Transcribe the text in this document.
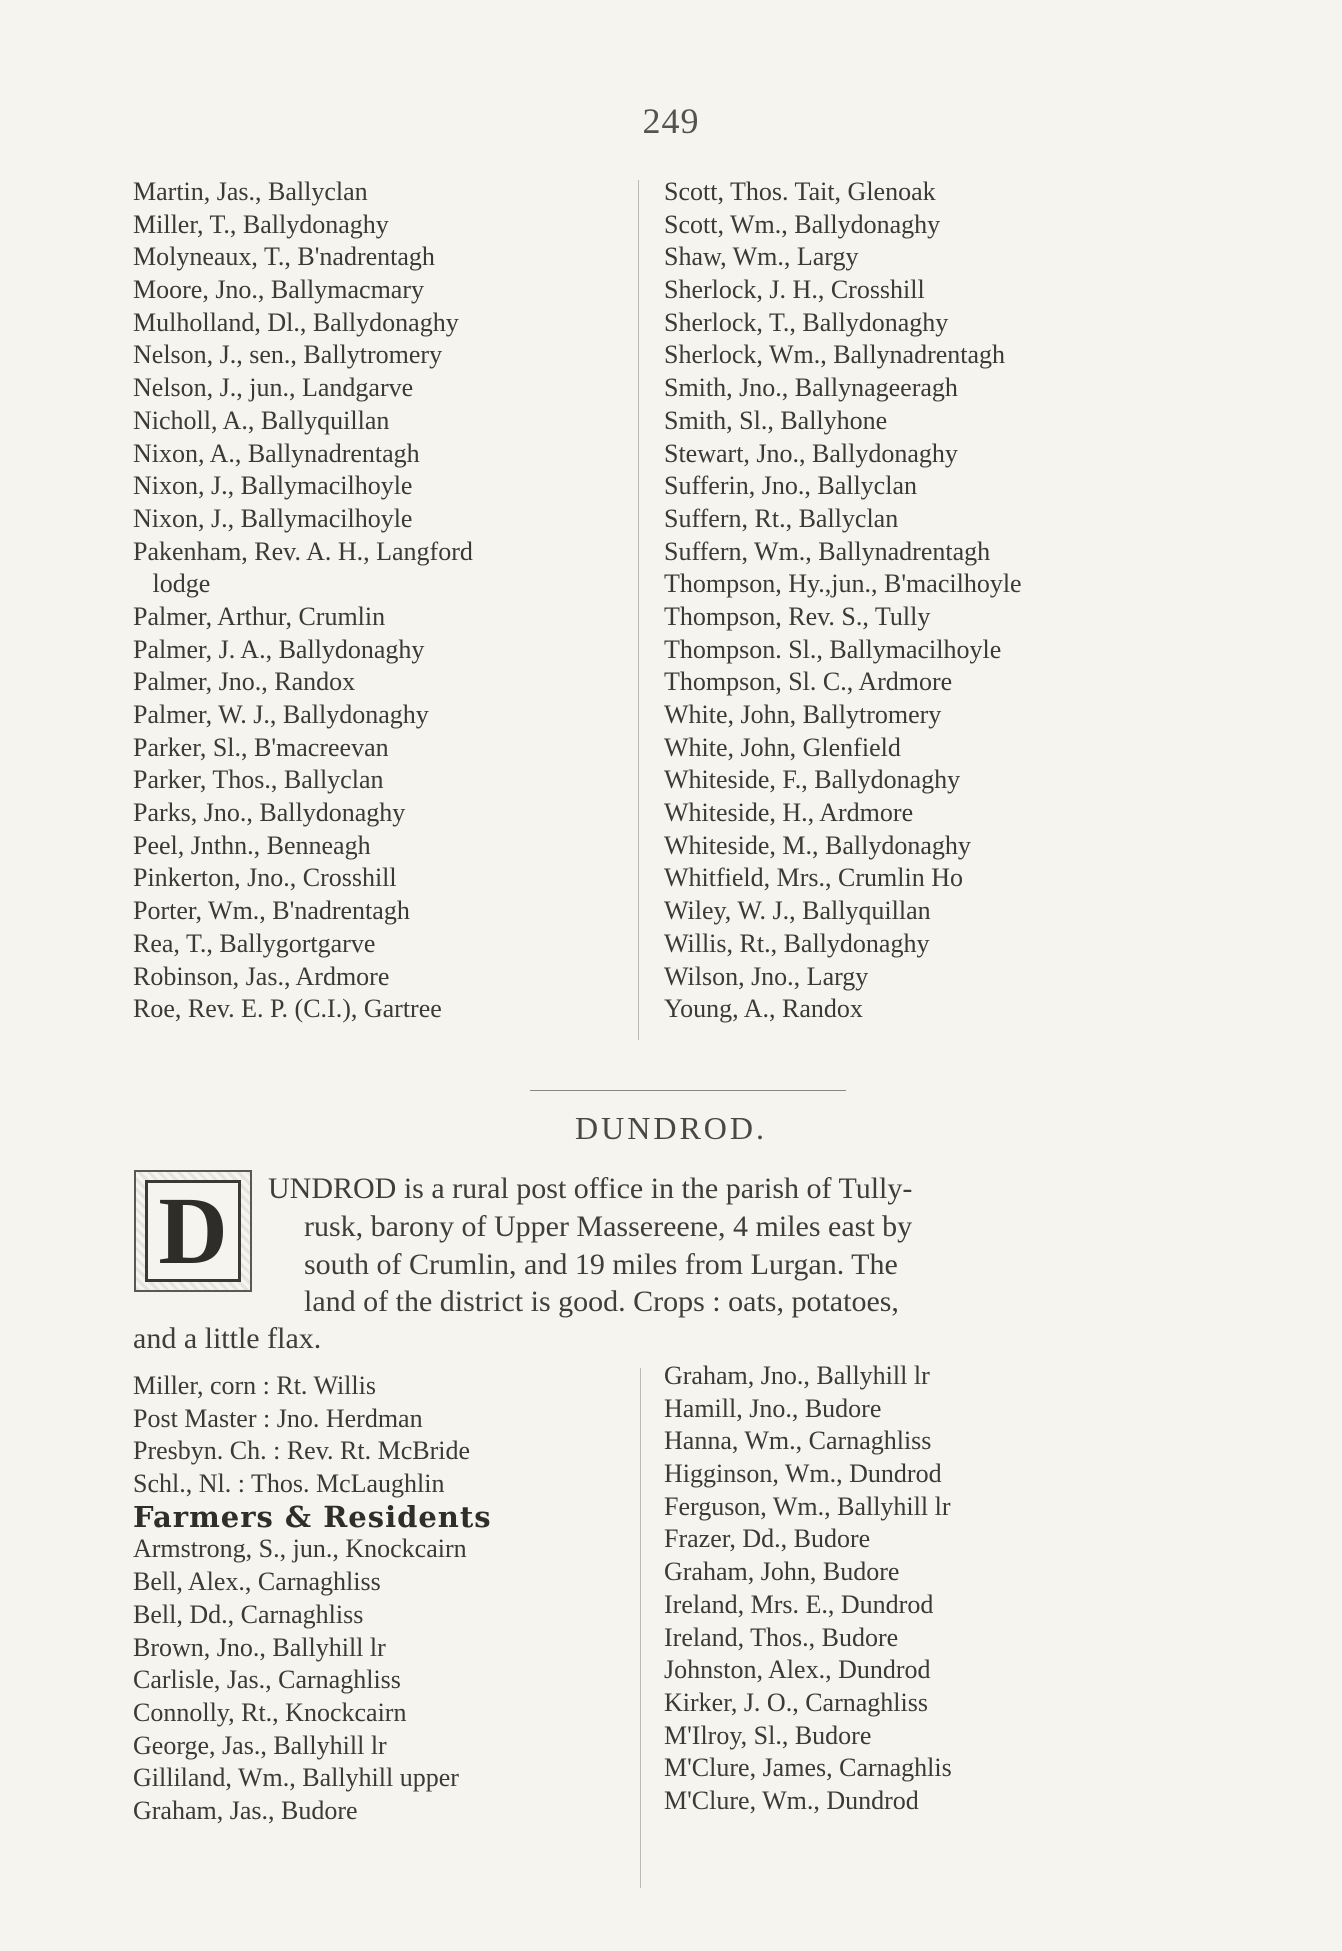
249
Martin, Jas., Ballyclan
Miller, T., Ballydonaghy
Molyneaux, T., B'nadrentagh
Moore, Jno., Ballymacmary
Mulholland, Dl., Ballydonaghy
Nelson, J., sen., Ballytromery
Nelson, J., jun., Landgarve
Nicholl, A., Ballyquillan
Nixon, A., Ballynadrentagh
Nixon, J., Ballymacilhoyle
Nixon, J., Ballymacilhoyle
Pakenham, Rev. A. H., Langford
lodge
Palmer, Arthur, Crumlin
Palmer, J. A., Ballydonaghy
Palmer, Jno., Randox
Palmer, W. J., Ballydonaghy
Parker, Sl., B'macreevan
Parker, Thos., Ballyclan
Parks, Jno., Ballydonaghy
Peel, Jnthn., Benneagh
Pinkerton, Jno., Crosshill
Porter, Wm., B'nadrentagh
Rea, T., Ballygortgarve
Robinson, Jas., Ardmore
Roe, Rev. E. P. (C.I.), Gartree
Scott, Thos. Tait, Glenoak
Scott, Wm., Ballydonaghy
Shaw, Wm., Largy
Sherlock, J. H., Crosshill
Sherlock, T., Ballydonaghy
Sherlock, Wm., Ballynadrentagh
Smith, Jno., Ballynageeragh
Smith, Sl., Ballyhone
Stewart, Jno., Ballydonaghy
Sufferin, Jno., Ballyclan
Suffern, Rt., Ballyclan
Suffern, Wm., Ballynadrentagh
Thompson, Hy.,jun., B'macilhoyle
Thompson, Rev. S., Tully
Thompson. Sl., Ballymacilhoyle
Thompson, Sl. C., Ardmore
White, John, Ballytromery
White, John, Glenfield
Whiteside, F., Ballydonaghy
Whiteside, H., Ardmore
Whiteside, M., Ballydonaghy
Whitfield, Mrs., Crumlin Ho
Wiley, W. J., Ballyquillan
Willis, Rt., Ballydonaghy
Wilson, Jno., Largy
Young, A., Randox
DUNDROD.
D	UNDROD is a rural post office in the parish of Tully-
rusk, barony of Upper Massereene, 4 miles east by
south of Crumlin, and 19 miles from Lurgan. The
land of the district is good. Crops : oats, potatoes,
and a little flax.
Miller, corn : Rt. Willis
Post Master : Jno. Herdman
Presbyn. Ch. : Rev. Rt. McBride
Schl., Nl. : Thos. McLaughlin
Farmers & Residents
Armstrong, S., jun., Knockcairn
Bell, Alex., Carnaghliss
Bell, Dd., Carnaghliss
Brown, Jno., Ballyhill lr
Carlisle, Jas., Carnaghliss
Connolly, Rt., Knockcairn
George, Jas., Ballyhill lr
Gilliland, Wm., Ballyhill upper
Graham, Jas., Budore
Graham, Jno., Ballyhill lr
Hamill, Jno., Budore
Hanna, Wm., Carnaghliss
Higginson, Wm., Dundrod
Ferguson, Wm., Ballyhill lr
Frazer, Dd., Budore
Graham, John, Budore
Ireland, Mrs. E., Dundrod
Ireland, Thos., Budore
Johnston, Alex., Dundrod
Kirker, J. O., Carnaghliss
M'Ilroy, Sl., Budore
M'Clure, James, Carnaghlis
M'Clure, Wm., Dundrod
